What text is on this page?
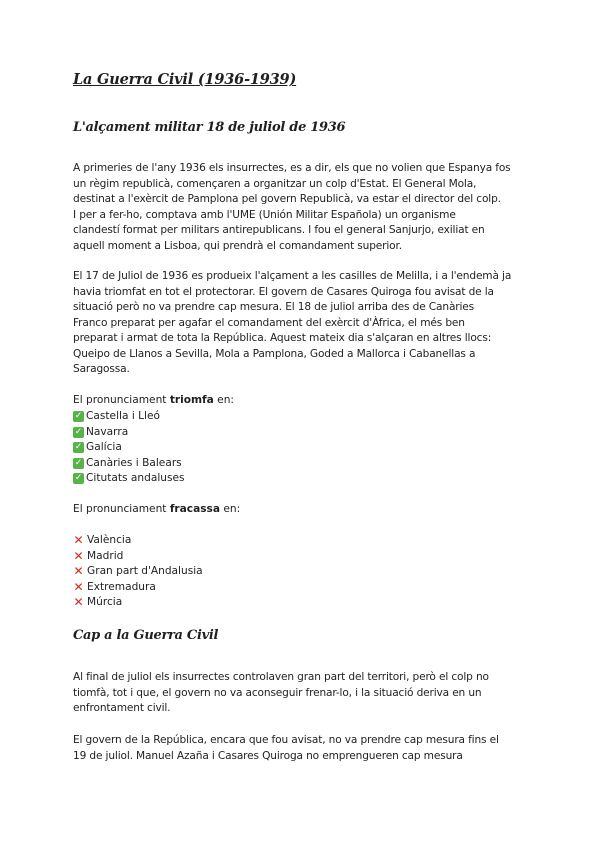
La Guerra Civil (1936-1939)
L'alçament militar 18 de juliol de 1936
A primeries de l'any 1936 els insurrectes, es a dir, els que no volien que Espanya fos
un règim republicà, començaren a organitzar un colp d'Estat. El General Mola,
destinat a l'exèrcit de Pamplona pel govern Republicà, va estar el director del colp.
I per a fer-ho, comptava amb l'UME (Unión Militar Española) un organisme
clandestí format per militars antirepublicans. I fou el general Sanjurjo, exiliat en
aquell moment a Lisboa, qui prendrà el comandament superior.
El 17 de Juliol de 1936 es produeix l'alçament a les casilles de Melilla, i a l'endemà ja
havia triomfat en tot el protectorar. El govern de Casares Quiroga fou avisat de la
situació però no va prendre cap mesura. El 18 de juliol arriba des de Canàries
Franco preparat per agafar el comandament del exèrcit d'Àfrica, el més ben
preparat i armat de tota la República. Aquest mateix dia s'alçaran en altres llocs:
Queipo de Llanos a Sevilla, Mola a Pamplona, Goded a Mallorca i Cabanellas a
Saragossa.
El pronunciament triomfa en:
✓ Castella i Lleó
✓ Navarra
✓ Galícia
✓ Canàries i Balears
✓ Citutats andaluses
El pronunciament fracassa en:
✕ València
✕ Madrid
✕ Gran part d'Andalusia
✕ Extremadura
✕ Múrcia
Cap a la Guerra Civil
Al final de juliol els insurrectes controlaven gran part del territori, però el colp no
tiomfà, tot i que, el govern no va aconseguir frenar-lo, i la situació deriva en un
enfrontament civil.
El govern de la República, encara que fou avisat, no va prendre cap mesura fins el
19 de juliol. Manuel Azaña i Casares Quiroga no emprengueren cap mesura
